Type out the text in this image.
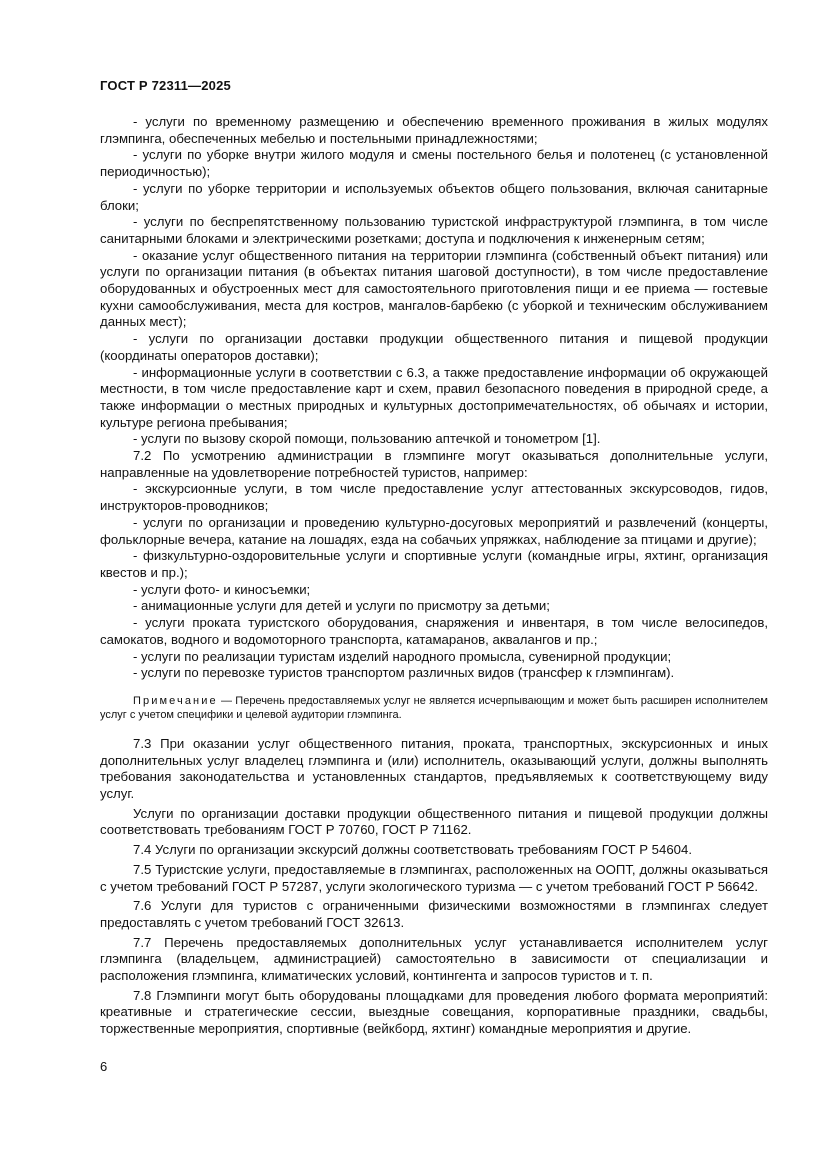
ГОСТ Р 72311—2025

- услуги по временному размещению и обеспечению временного проживания в жилых модулях глэмпинга, обеспеченных мебелью и постельными принадлежностями;

- услуги по уборке внутри жилого модуля и смены постельного белья и полотенец (с установленной периодичностью);

- услуги по уборке территории и используемых объектов общего пользования, включая санитарные блоки;

- услуги по беспрепятственному пользованию туристской инфраструктурой глэмпинга, в том числе санитарными блоками и электрическими розетками; доступа и подключения к инженерным сетям;

- оказание услуг общественного питания на территории глэмпинга (собственный объект питания) или услуги по организации питания (в объектах питания шаговой доступности), в том числе предоставление оборудованных и обустроенных мест для самостоятельного приготовления пищи и ее приема — гостевые кухни самообслуживания, места для костров, мангалов-барбекю (с уборкой и техническим обслуживанием данных мест);

- услуги по организации доставки продукции общественного питания и пищевой продукции (координаты операторов доставки);

- информационные услуги в соответствии с 6.3, а также предоставление информации об окружающей местности, в том числе предоставление карт и схем, правил безопасного поведения в природной среде, а также информации о местных природных и культурных достопримечательностях, об обычаях и истории, культуре региона пребывания;

- услуги по вызову скорой помощи, пользованию аптечкой и тонометром [1].

7.2 По усмотрению администрации в глэмпинге могут оказываться дополнительные услуги, направленные на удовлетворение потребностей туристов, например:

- экскурсионные услуги, в том числе предоставление услуг аттестованных экскурсоводов, гидов, инструкторов-проводников;

- услуги по организации и проведению культурно-досуговых мероприятий и развлечений (концерты, фольклорные вечера, катание на лошадях, езда на собачьих упряжках, наблюдение за птицами и другие);

- физкультурно-оздоровительные услуги и спортивные услуги (командные игры, яхтинг, организация квестов и пр.);

- услуги фото- и киносъемки;

- анимационные услуги для детей и услуги по присмотру за детьми;

- услуги проката туристского оборудования, снаряжения и инвентаря, в том числе велосипедов, самокатов, водного и водомоторного транспорта, катамаранов, аквалангов и пр.;

- услуги по реализации туристам изделий народного промысла, сувенирной продукции;

- услуги по перевозке туристов транспортом различных видов (трансфер к глэмпингам).

Примечание — Перечень предоставляемых услуг не является исчерпывающим и может быть расширен исполнителем услуг с учетом специфики и целевой аудитории глэмпинга.

7.3 При оказании услуг общественного питания, проката, транспортных, экскурсионных и иных дополнительных услуг владелец глэмпинга и (или) исполнитель, оказывающий услуги, должны выполнять требования законодательства и установленных стандартов, предъявляемых к соответствующему виду услуг.

Услуги по организации доставки продукции общественного питания и пищевой продукции должны соответствовать требованиям ГОСТ Р 70760, ГОСТ Р 71162.

7.4 Услуги по организации экскурсий должны соответствовать требованиям ГОСТ Р 54604.

7.5 Туристские услуги, предоставляемые в глэмпингах, расположенных на ООПТ, должны оказываться с учетом требований ГОСТ Р 57287, услуги экологического туризма — с учетом требований ГОСТ Р 56642.

7.6 Услуги для туристов с ограниченными физическими возможностями в глэмпингах следует предоставлять с учетом требований ГОСТ 32613.

7.7 Перечень предоставляемых дополнительных услуг устанавливается исполнителем услуг глэмпинга (владельцем, администрацией) самостоятельно в зависимости от специализации и расположения глэмпинга, климатических условий, контингента и запросов туристов и т. п.

7.8 Глэмпинги могут быть оборудованы площадками для проведения любого формата мероприятий: креативные и стратегические сессии, выездные совещания, корпоративные праздники, свадьбы, торжественные мероприятия, спортивные (вейкборд, яхтинг) командные мероприятия и другие.

6
